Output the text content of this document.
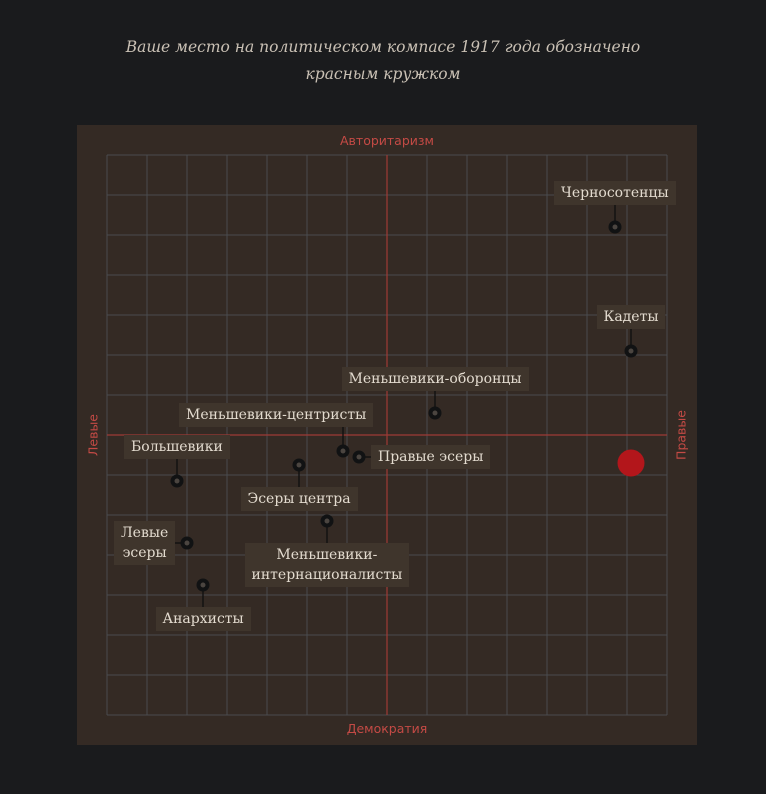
Ваше место на политическом компасе 1917 года обозначено
красным кружком
Авторитаризм
Демократия
Левые	Правые
Черносотенцы
Кадеты
Меньшевики-оборонцы
Меньшевики-центристы
Правые эсеры
Эсеры центра
Большевики
Меньшевики-
интернационалисты
Левые
эсеры
Анархисты
